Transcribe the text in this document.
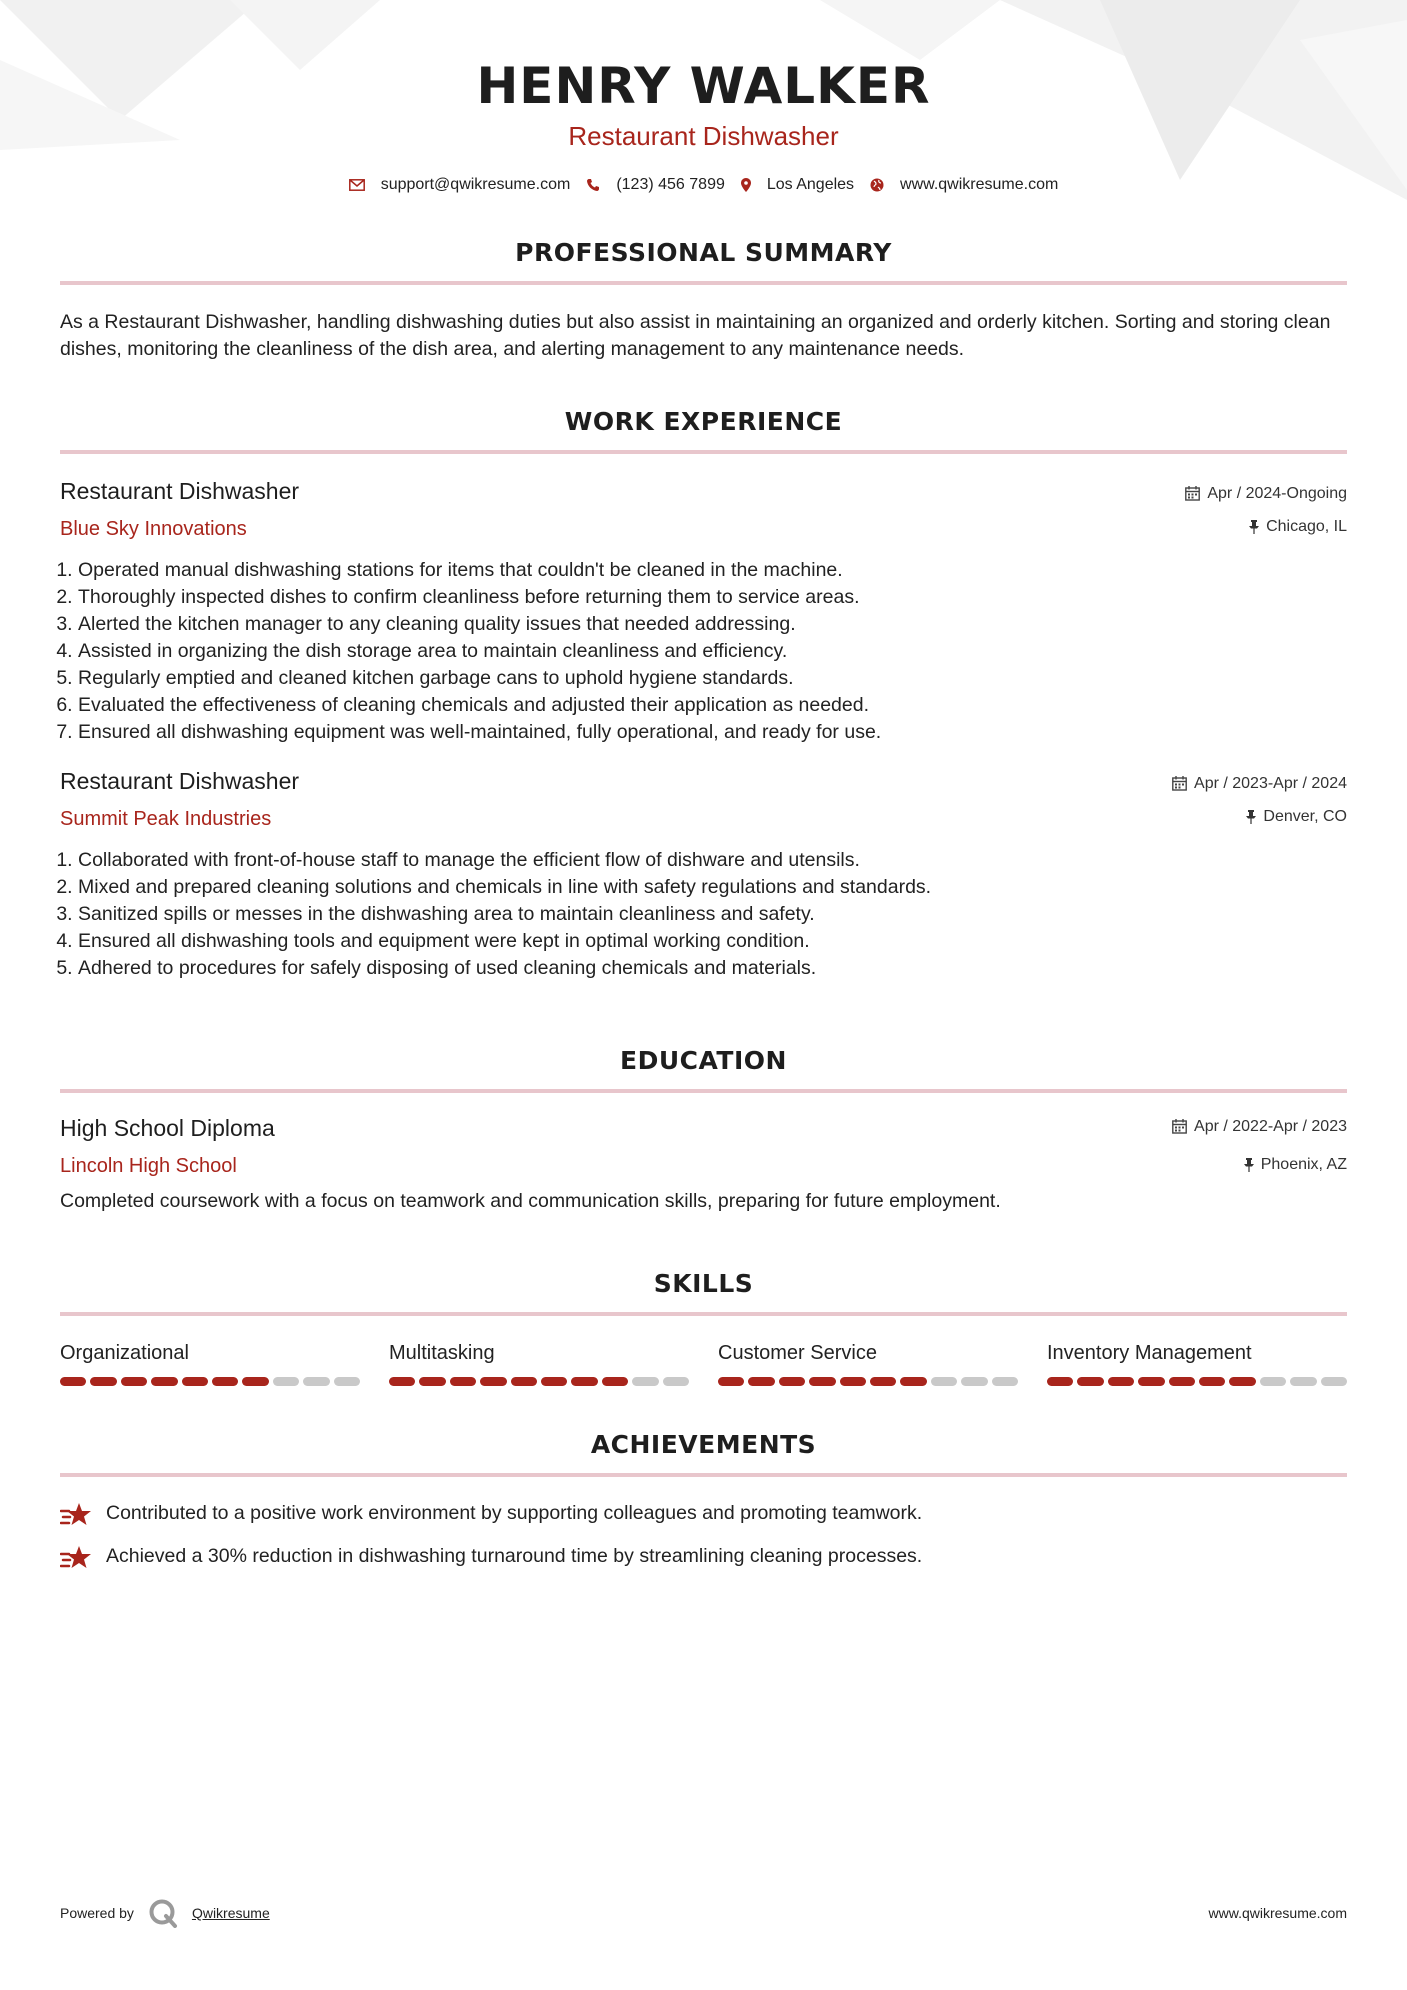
HENRY WALKER
Restaurant Dishwasher
support@qwikresume.com	(123) 456 7899	Los Angeles	www.qwikresume.com
PROFESSIONAL SUMMARY

As a Restaurant Dishwasher, handling dishwashing duties but also assist in maintaining an organized and orderly kitchen. Sorting and storing clean dishes, monitoring the cleanliness of the dish area, and alerting management to any maintenance needs.

WORK EXPERIENCE
Restaurant Dishwasher
Blue Sky Innovations
Apr / 2024-Ongoing
Chicago, IL
1. Operated manual dishwashing stations for items that couldn't be cleaned in the machine.
2. Thoroughly inspected dishes to confirm cleanliness before returning them to service areas.
3. Alerted the kitchen manager to any cleaning quality issues that needed addressing.
4. Assisted in organizing the dish storage area to maintain cleanliness and efficiency.
5. Regularly emptied and cleaned kitchen garbage cans to uphold hygiene standards.
6. Evaluated the effectiveness of cleaning chemicals and adjusted their application as needed.
7. Ensured all dishwashing equipment was well-maintained, fully operational, and ready for use.
Restaurant Dishwasher
Summit Peak Industries
Apr / 2023-Apr / 2024
Denver, CO
1. Collaborated with front-of-house staff to manage the efficient flow of dishware and utensils.
2. Mixed and prepared cleaning solutions and chemicals in line with safety regulations and standards.
3. Sanitized spills or messes in the dishwashing area to maintain cleanliness and safety.
4. Ensured all dishwashing tools and equipment were kept in optimal working condition.
5. Adhered to procedures for safely disposing of used cleaning chemicals and materials.
EDUCATION
High School Diploma
Lincoln High School
Apr / 2022-Apr / 2023
Phoenix, AZ

Completed coursework with a focus on teamwork and communication skills, preparing for future employment.

SKILLS
Organizational	Multitasking	Customer Service	Inventory Management
ACHIEVEMENTS
Contributed to a positive work environment by supporting colleagues and promoting teamwork.
Achieved a 30% reduction in dishwashing turnaround time by streamlining cleaning processes.
Powered by	Qwikresume	www.qwikresume.com
